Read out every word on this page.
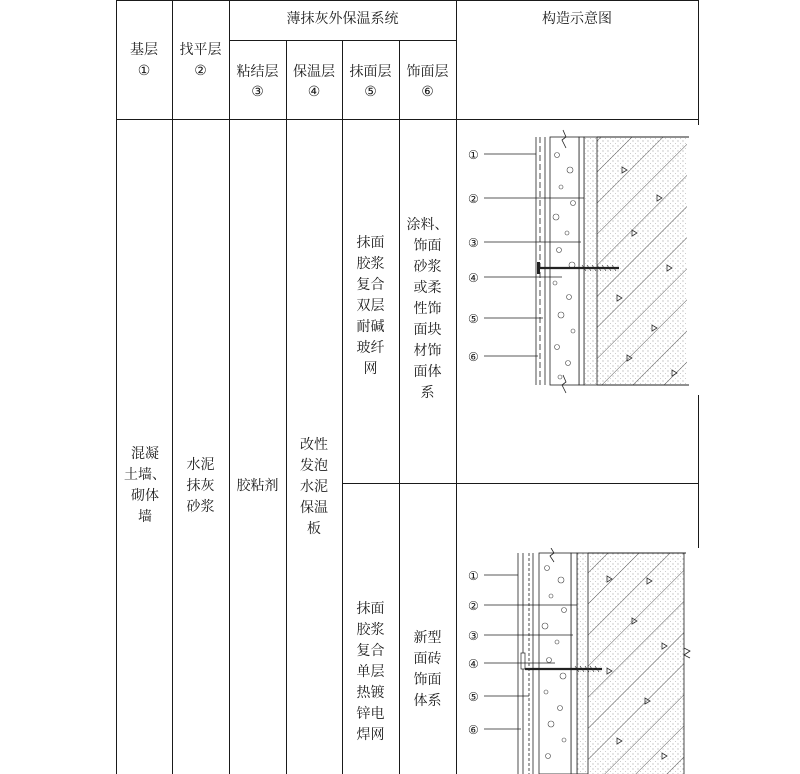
基层
①
找平层
②
薄抹灰外保温系统	构造示意图
粘结层
③
保温层
④
抹面层
⑤
饰面层
⑥
混凝
土墙、
砌体
墙
水泥
抹灰
砂浆
胶粘剂
改性
发泡
水泥
保温
板
抹面
胶浆
复合
双层
耐碱
玻纤
网
涂料、
饰面
砂浆
或柔
性饰
面块
材饰
面体
系
抹面
胶浆
复合
单层
热镀
锌电
焊网
新型
面砖
饰面
体系
①
②
③
④
⑤
⑥
①
②
③
④
⑤
⑥
